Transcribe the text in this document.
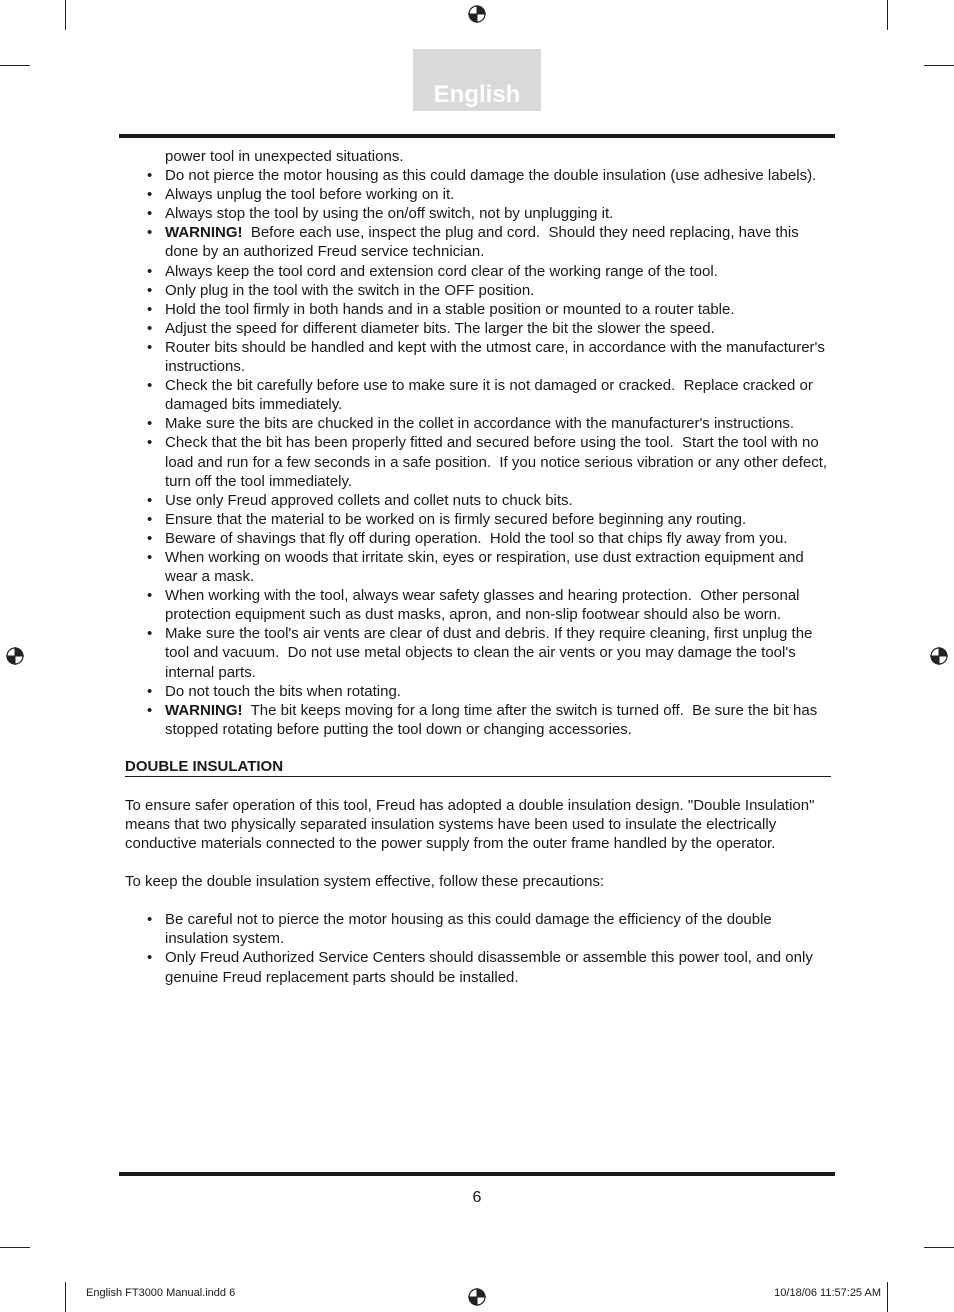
English
power tool in unexpected situations.
• Do not pierce the motor housing as this could damage the double insulation (use adhesive labels).
• Always unplug the tool before working on it.
• Always stop the tool by using the on/off switch, not by unplugging it.
• WARNING!  Before each use, inspect the plug and cord.  Should they need replacing, have this done by an authorized Freud service technician.
• Always keep the tool cord and extension cord clear of the working range of the tool.
• Only plug in the tool with the switch in the OFF position.
• Hold the tool firmly in both hands and in a stable position or mounted to a router table.
• Adjust the speed for different diameter bits. The larger the bit the slower the speed.
• Router bits should be handled and kept with the utmost care, in accordance with the manufacturer's instructions.
• Check the bit carefully before use to make sure it is not damaged or cracked.  Replace cracked or damaged bits immediately.
• Make sure the bits are chucked in the collet in accordance with the manufacturer's instructions.
• Check that the bit has been properly fitted and secured before using the tool.  Start the tool with no load and run for a few seconds in a safe position.  If you notice serious vibration or any other defect, turn off the tool immediately.
• Use only Freud approved collets and collet nuts to chuck bits.
• Ensure that the material to be worked on is firmly secured before beginning any routing.
• Beware of shavings that fly off during operation.  Hold the tool so that chips fly away from you.
• When working on woods that irritate skin, eyes or respiration, use dust extraction equipment and wear a mask.
• When working with the tool, always wear safety glasses and hearing protection.  Other personal protection equipment such as dust masks, apron, and non-slip footwear should also be worn.
• Make sure the tool's air vents are clear of dust and debris. If they require cleaning, first unplug the tool and vacuum.  Do not use metal objects to clean the air vents or you may damage the tool's internal parts.
• Do not touch the bits when rotating.
• WARNING!  The bit keeps moving for a long time after the switch is turned off.  Be sure the bit has stopped rotating before putting the tool down or changing accessories.
DOUBLE INSULATION

To ensure safer operation of this tool, Freud has adopted a double insulation design. "Double Insulation" means that two physically separated insulation systems have been used to insulate the electrically conductive materials connected to the power supply from the outer frame handled by the operator.

To keep the double insulation system effective, follow these precautions:

• Be careful not to pierce the motor housing as this could damage the efficiency of the double insulation system.
• Only Freud Authorized Service Centers should disassemble or assemble this power tool, and only genuine Freud replacement parts should be installed.
6
English FT3000 Manual.indd 6	10/18/06 11:57:25 AM
